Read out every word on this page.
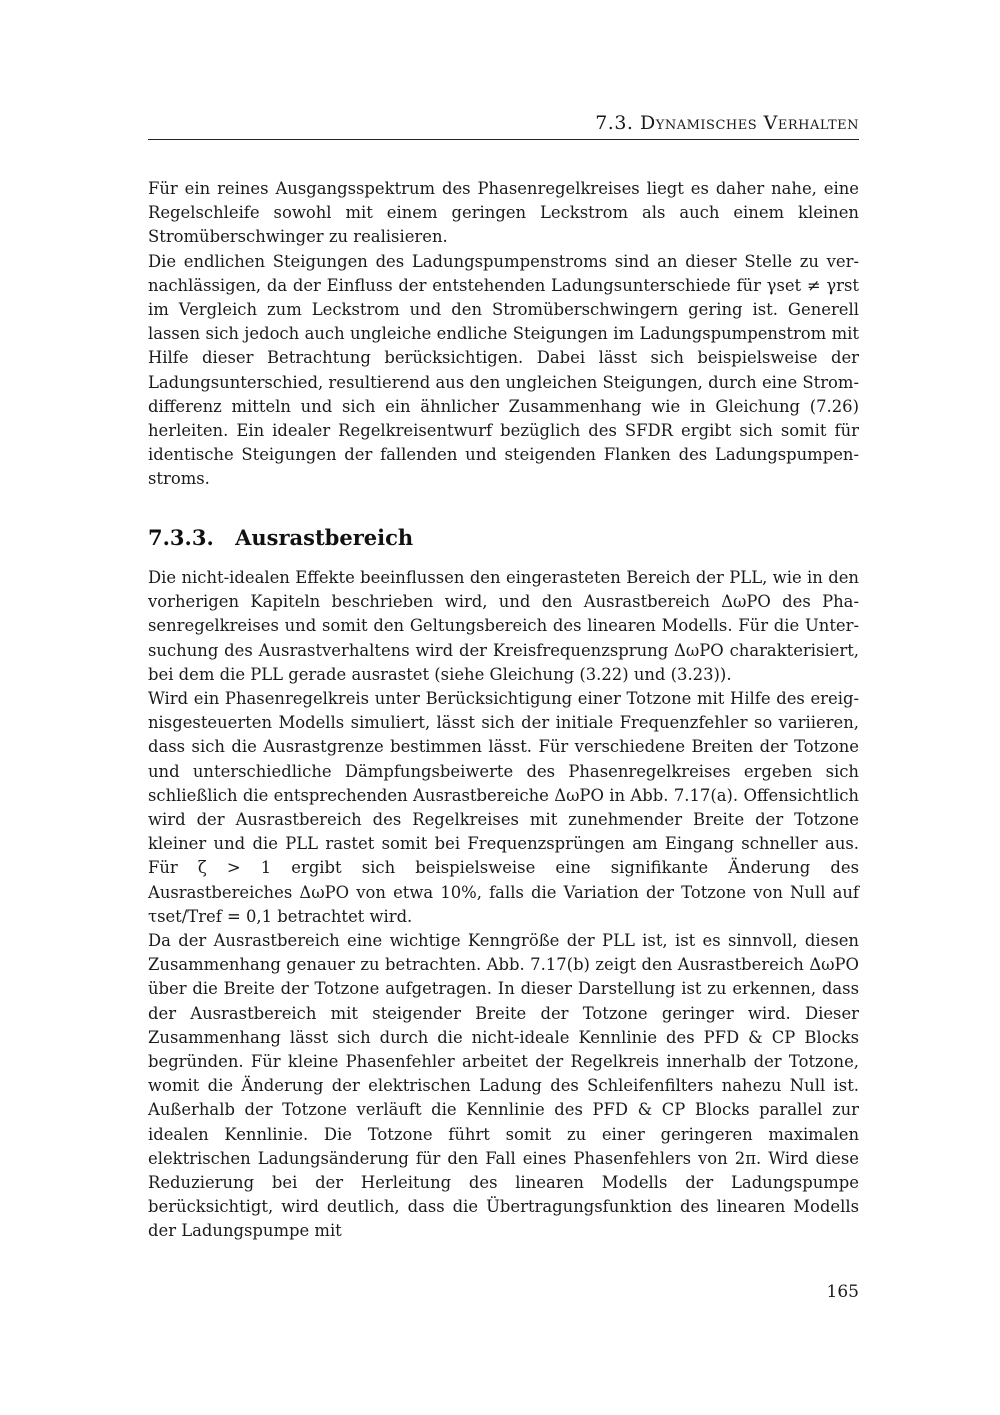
7.3. Dynamisches Verhalten

Für ein reines Ausgangsspektrum des Phasenregelkreises liegt es daher nahe, eine Regelschleife sowohl mit einem geringen Leckstrom als auch einem kleinen Stromüberschwinger zu realisieren.

Die endlichen Steigungen des Ladungspumpenstroms sind an dieser Stelle zu vernachlässigen, da der Einfluss der entstehenden Ladungsunterschiede für γset ≠ γrst im Vergleich zum Leckstrom und den Stromüberschwingern gering ist. Generell lassen sich jedoch auch ungleiche endliche Steigungen im Ladungspumpenstrom mit Hilfe dieser Betrachtung berücksichtigen. Dabei lässt sich beispielsweise der Ladungsunterschied, resultierend aus den ungleichen Steigungen, durch eine Stromdifferenz mitteln und sich ein ähnlicher Zusammenhang wie in Gleichung (7.26) herleiten. Ein idealer Regelkreisentwurf bezüglich des SFDR ergibt sich somit für identische Steigungen der fallenden und steigenden Flanken des Ladungspumpenstroms.

7.3.3. Ausrastbereich

Die nicht-idealen Effekte beeinflussen den eingerasteten Bereich der PLL, wie in den vorherigen Kapiteln beschrieben wird, und den Ausrastbereich ΔωPO des Phasenregelkreises und somit den Geltungsbereich des linearen Modells. Für die Untersuchung des Ausrastverhaltens wird der Kreisfrequenzsprung ΔωPO charakterisiert, bei dem die PLL gerade ausrastet (siehe Gleichung (3.22) und (3.23)).

Wird ein Phasenregelkreis unter Berücksichtigung einer Totzone mit Hilfe des ereignisgesteuerten Modells simuliert, lässt sich der initiale Frequenzfehler so variieren, dass sich die Ausrastgrenze bestimmen lässt. Für verschiedene Breiten der Totzone und unterschiedliche Dämpfungsbeiwerte des Phasenregelkreises ergeben sich schließlich die entsprechenden Ausrastbereiche ΔωPO in Abb. 7.17(a). Offensichtlich wird der Ausrastbereich des Regelkreises mit zunehmender Breite der Totzone kleiner und die PLL rastet somit bei Frequenzsprüngen am Eingang schneller aus. Für ζ > 1 ergibt sich beispielsweise eine signifikante Änderung des Ausrastbereiches ΔωPO von etwa 10%, falls die Variation der Totzone von Null auf τset/Tref = 0,1 betrachtet wird.

Da der Ausrastbereich eine wichtige Kenngröße der PLL ist, ist es sinnvoll, diesen Zusammenhang genauer zu betrachten. Abb. 7.17(b) zeigt den Ausrastbereich ΔωPO über die Breite der Totzone aufgetragen. In dieser Darstellung ist zu erkennen, dass der Ausrastbereich mit steigender Breite der Totzone geringer wird. Dieser Zusammenhang lässt sich durch die nicht-ideale Kennlinie des PFD & CP Blocks begründen. Für kleine Phasenfehler arbeitet der Regelkreis innerhalb der Totzone, womit die Änderung der elektrischen Ladung des Schleifenfilters nahezu Null ist. Außerhalb der Totzone verläuft die Kennlinie des PFD & CP Blocks parallel zur idealen Kennlinie. Die Totzone führt somit zu einer geringeren maximalen elektrischen Ladungsänderung für den Fall eines Phasenfehlers von 2π. Wird diese Reduzierung bei der Herleitung des linearen Modells der Ladungspumpe berücksichtigt, wird deutlich, dass die Übertragungsfunktion des linearen Modells der Ladungspumpe mit

165
